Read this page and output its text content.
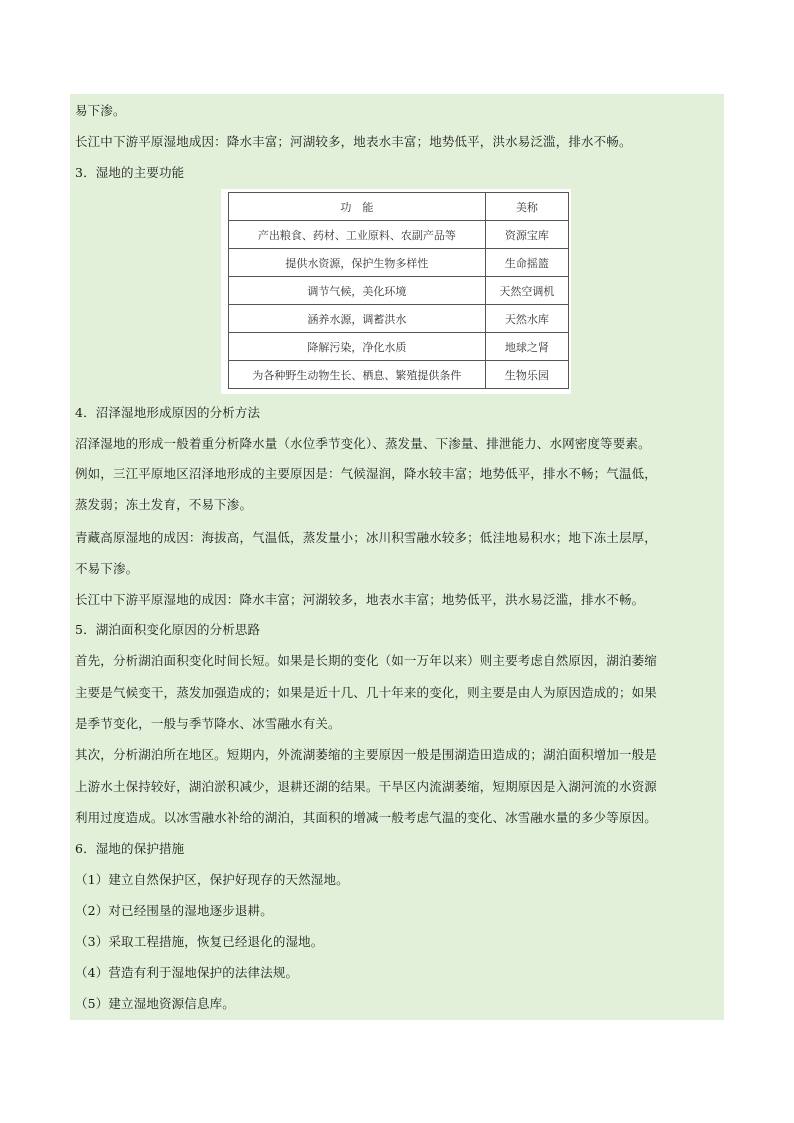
易下渗。
长江中下游平原湿地成因：降水丰富；河湖较多，地表水丰富；地势低平，洪水易泛滥，排水不畅。
3．湿地的主要功能
功　能	美称
产出粮食、药材、工业原料、农副产品等	资源宝库
提供水资源，保护生物多样性	生命摇篮
调节气候，美化环境	天然空调机
涵养水源，调蓄洪水	天然水库
降解污染，净化水质	地球之肾
为各种野生动物生长、栖息、繁殖提供条件	生物乐园
4．沼泽湿地形成原因的分析方法
沼泽湿地的形成一般着重分析降水量（水位季节变化）、蒸发量、下渗量、排泄能力、水网密度等要素。
例如，三江平原地区沼泽地形成的主要原因是：气候湿润，降水较丰富；地势低平，排水不畅；气温低，
蒸发弱；冻土发育，不易下渗。
青藏高原湿地的成因：海拔高，气温低，蒸发量小；冰川积雪融水较多；低洼地易积水；地下冻土层厚，
不易下渗。
长江中下游平原湿地的成因：降水丰富；河湖较多，地表水丰富；地势低平，洪水易泛滥，排水不畅。
5．湖泊面积变化原因的分析思路
首先，分析湖泊面积变化时间长短。如果是长期的变化（如一万年以来）则主要考虑自然原因，湖泊萎缩
主要是气候变干，蒸发加强造成的；如果是近十几、几十年来的变化，则主要是由人为原因造成的；如果
是季节变化，一般与季节降水、冰雪融水有关。
其次，分析湖泊所在地区。短期内，外流湖萎缩的主要原因一般是围湖造田造成的；湖泊面积增加一般是
上游水土保持较好，湖泊淤积减少，退耕还湖的结果。干旱区内流湖萎缩，短期原因是入湖河流的水资源
利用过度造成。以冰雪融水补给的湖泊，其面积的增减一般考虑气温的变化、冰雪融水量的多少等原因。
6．湿地的保护措施
（1）建立自然保护区，保护好现存的天然湿地。
（2）对已经围垦的湿地逐步退耕。
（3）采取工程措施，恢复已经退化的湿地。
（4）营造有利于湿地保护的法律法规。
（5）建立湿地资源信息库。
